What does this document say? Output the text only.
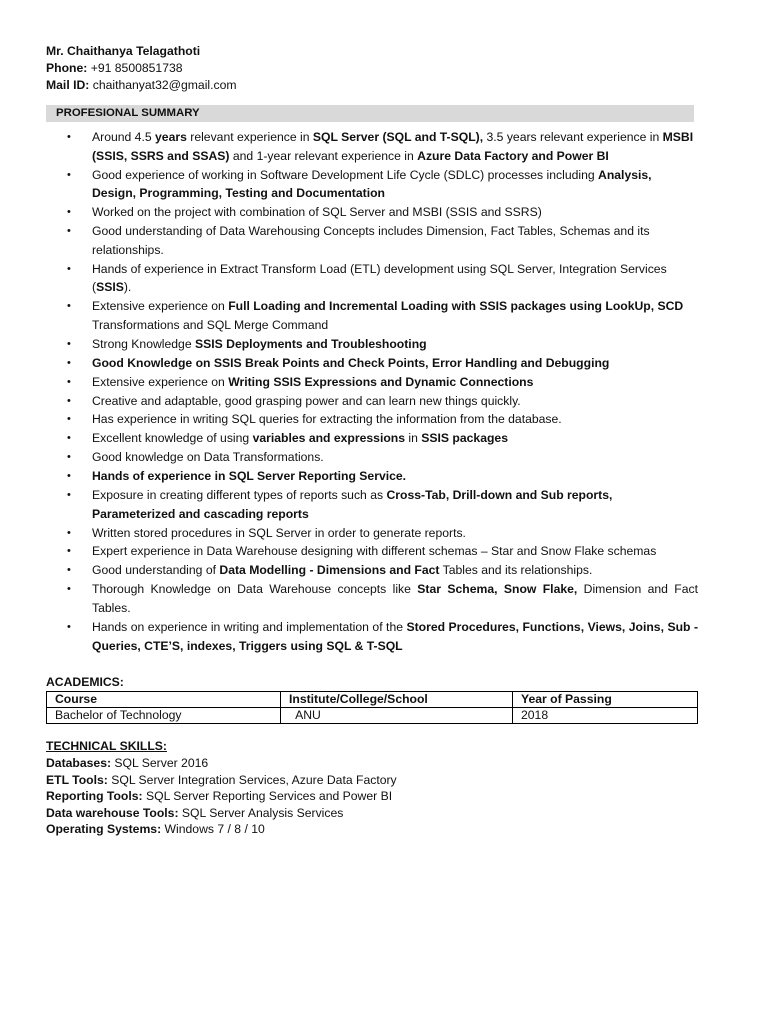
Mr. Chaithanya Telagathoti
Phone: +91 8500851738
Mail ID: chaithanyat32@gmail.com
PROFESIONAL SUMMARY
• Around 4.5 years relevant experience in SQL Server (SQL and T-SQL), 3.5 years relevant experience in MSBI (SSIS, SSRS and SSAS) and 1-year relevant experience in Azure Data Factory and Power BI
• Good experience of working in Software Development Life Cycle (SDLC) processes including Analysis, Design, Programming, Testing and Documentation
• Worked on the project with combination of SQL Server and MSBI (SSIS and SSRS)
• Good understanding of Data Warehousing Concepts includes Dimension, Fact Tables, Schemas and its relationships.
• Hands of experience in Extract Transform Load (ETL) development using SQL Server, Integration Services (SSIS).
• Extensive experience on Full Loading and Incremental Loading with SSIS packages using LookUp, SCD Transformations and SQL Merge Command
• Strong Knowledge SSIS Deployments and Troubleshooting
• Good Knowledge on SSIS Break Points and Check Points, Error Handling and Debugging
• Extensive experience on Writing SSIS Expressions and Dynamic Connections
• Creative and adaptable, good grasping power and can learn new things quickly.
• Has experience in writing SQL queries for extracting the information from the database.
• Excellent knowledge of using variables and expressions in SSIS packages
• Good knowledge on Data Transformations.
• Hands of experience in SQL Server Reporting Service.
• Exposure in creating different types of reports such as Cross-Tab, Drill-down and Sub reports, Parameterized and cascading reports
• Written stored procedures in SQL Server in order to generate reports.
• Expert experience in Data Warehouse designing with different schemas – Star and Snow Flake schemas
• Good understanding of Data Modelling - Dimensions and Fact Tables and its relationships.
• Thorough Knowledge on Data Warehouse concepts like Star Schema, Snow Flake, Dimension and Fact Tables.
• Hands on experience in writing and implementation of the Stored Procedures, Functions, Views, Joins, Sub - Queries, CTE’S, indexes, Triggers using SQL & T-SQL
ACADEMICS:
Course	Institute/College/School	Year of Passing
Bachelor of Technology	ANU	2018
TECHNICAL SKILLS:
Databases: SQL Server 2016
ETL Tools: SQL Server Integration Services, Azure Data Factory
Reporting Tools: SQL Server Reporting Services and Power BI
Data warehouse Tools: SQL Server Analysis Services
Operating Systems: Windows 7 / 8 / 10
